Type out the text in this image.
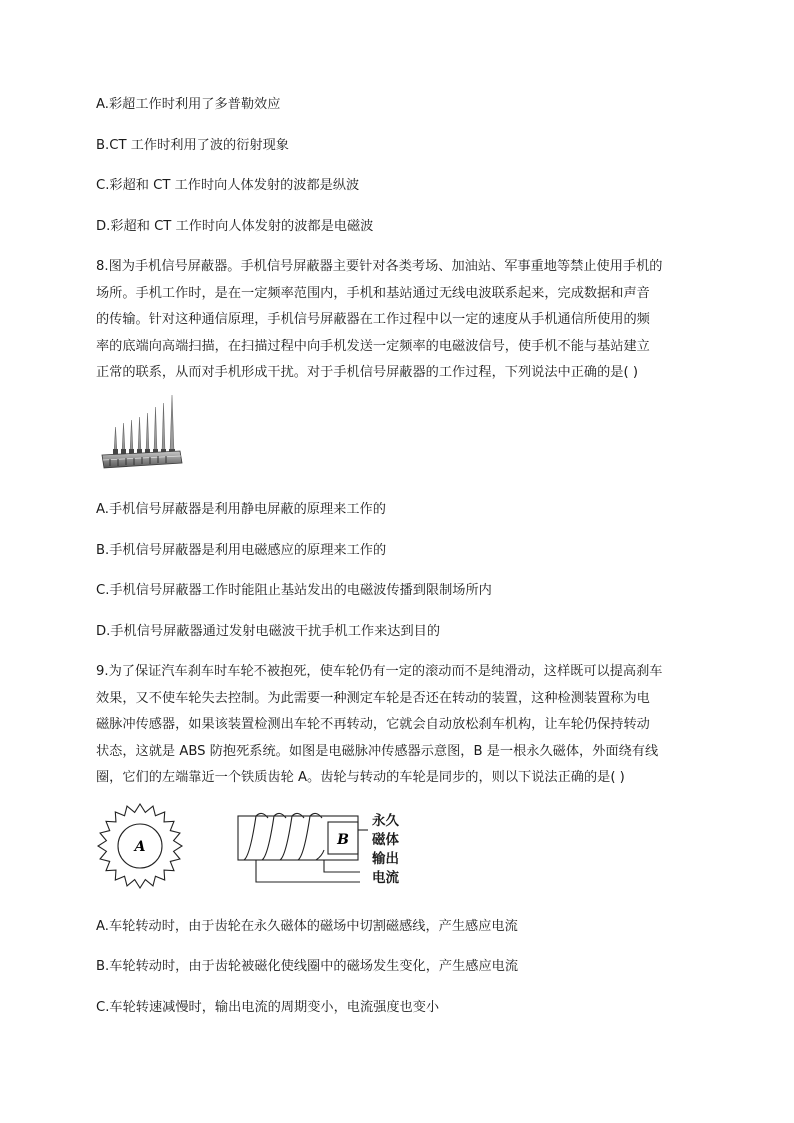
A.彩超工作时利用了多普勒效应
B.CT 工作时利用了波的衍射现象
C.彩超和 CT 工作时向人体发射的波都是纵波
D.彩超和 CT 工作时向人体发射的波都是电磁波
8.图为手机信号屏蔽器。手机信号屏蔽器主要针对各类考场、加油站、军事重地等禁止使用手机的
场所。手机工作时，是在一定频率范围内，手机和基站通过无线电波联系起来，完成数据和声音
的传输。针对这种通信原理，手机信号屏蔽器在工作过程中以一定的速度从手机通信所使用的频
率的底端向高端扫描，在扫描过程中向手机发送一定频率的电磁波信号，使手机不能与基站建立
正常的联系，从而对手机形成干扰。对于手机信号屏蔽器的工作过程，下列说法中正确的是( )
A.手机信号屏蔽器是利用静电屏蔽的原理来工作的
B.手机信号屏蔽器是利用电磁感应的原理来工作的
C.手机信号屏蔽器工作时能阻止基站发出的电磁波传播到限制场所内
D.手机信号屏蔽器通过发射电磁波干扰手机工作来达到目的
9.为了保证汽车刹车时车轮不被抱死，使车轮仍有一定的滚动而不是纯滑动，这样既可以提高刹车
效果，又不使车轮失去控制。为此需要一种测定车轮是否还在转动的装置，这种检测装置称为电
磁脉冲传感器，如果该装置检测出车轮不再转动，它就会自动放松刹车机构，让车轮仍保持转动
状态，这就是 ABS 防抱死系统。如图是电磁脉冲传感器示意图，B 是一根永久磁体，外面绕有线
圈，它们的左端靠近一个铁质齿轮 A。齿轮与转动的车轮是同步的，则以下说法正确的是( )
A	B
永久
磁体
输出
电流
A.车轮转动时，由于齿轮在永久磁体的磁场中切割磁感线，产生感应电流
B.车轮转动时，由于齿轮被磁化使线圈中的磁场发生变化，产生感应电流
C.车轮转速减慢时，输出电流的周期变小，电流强度也变小
